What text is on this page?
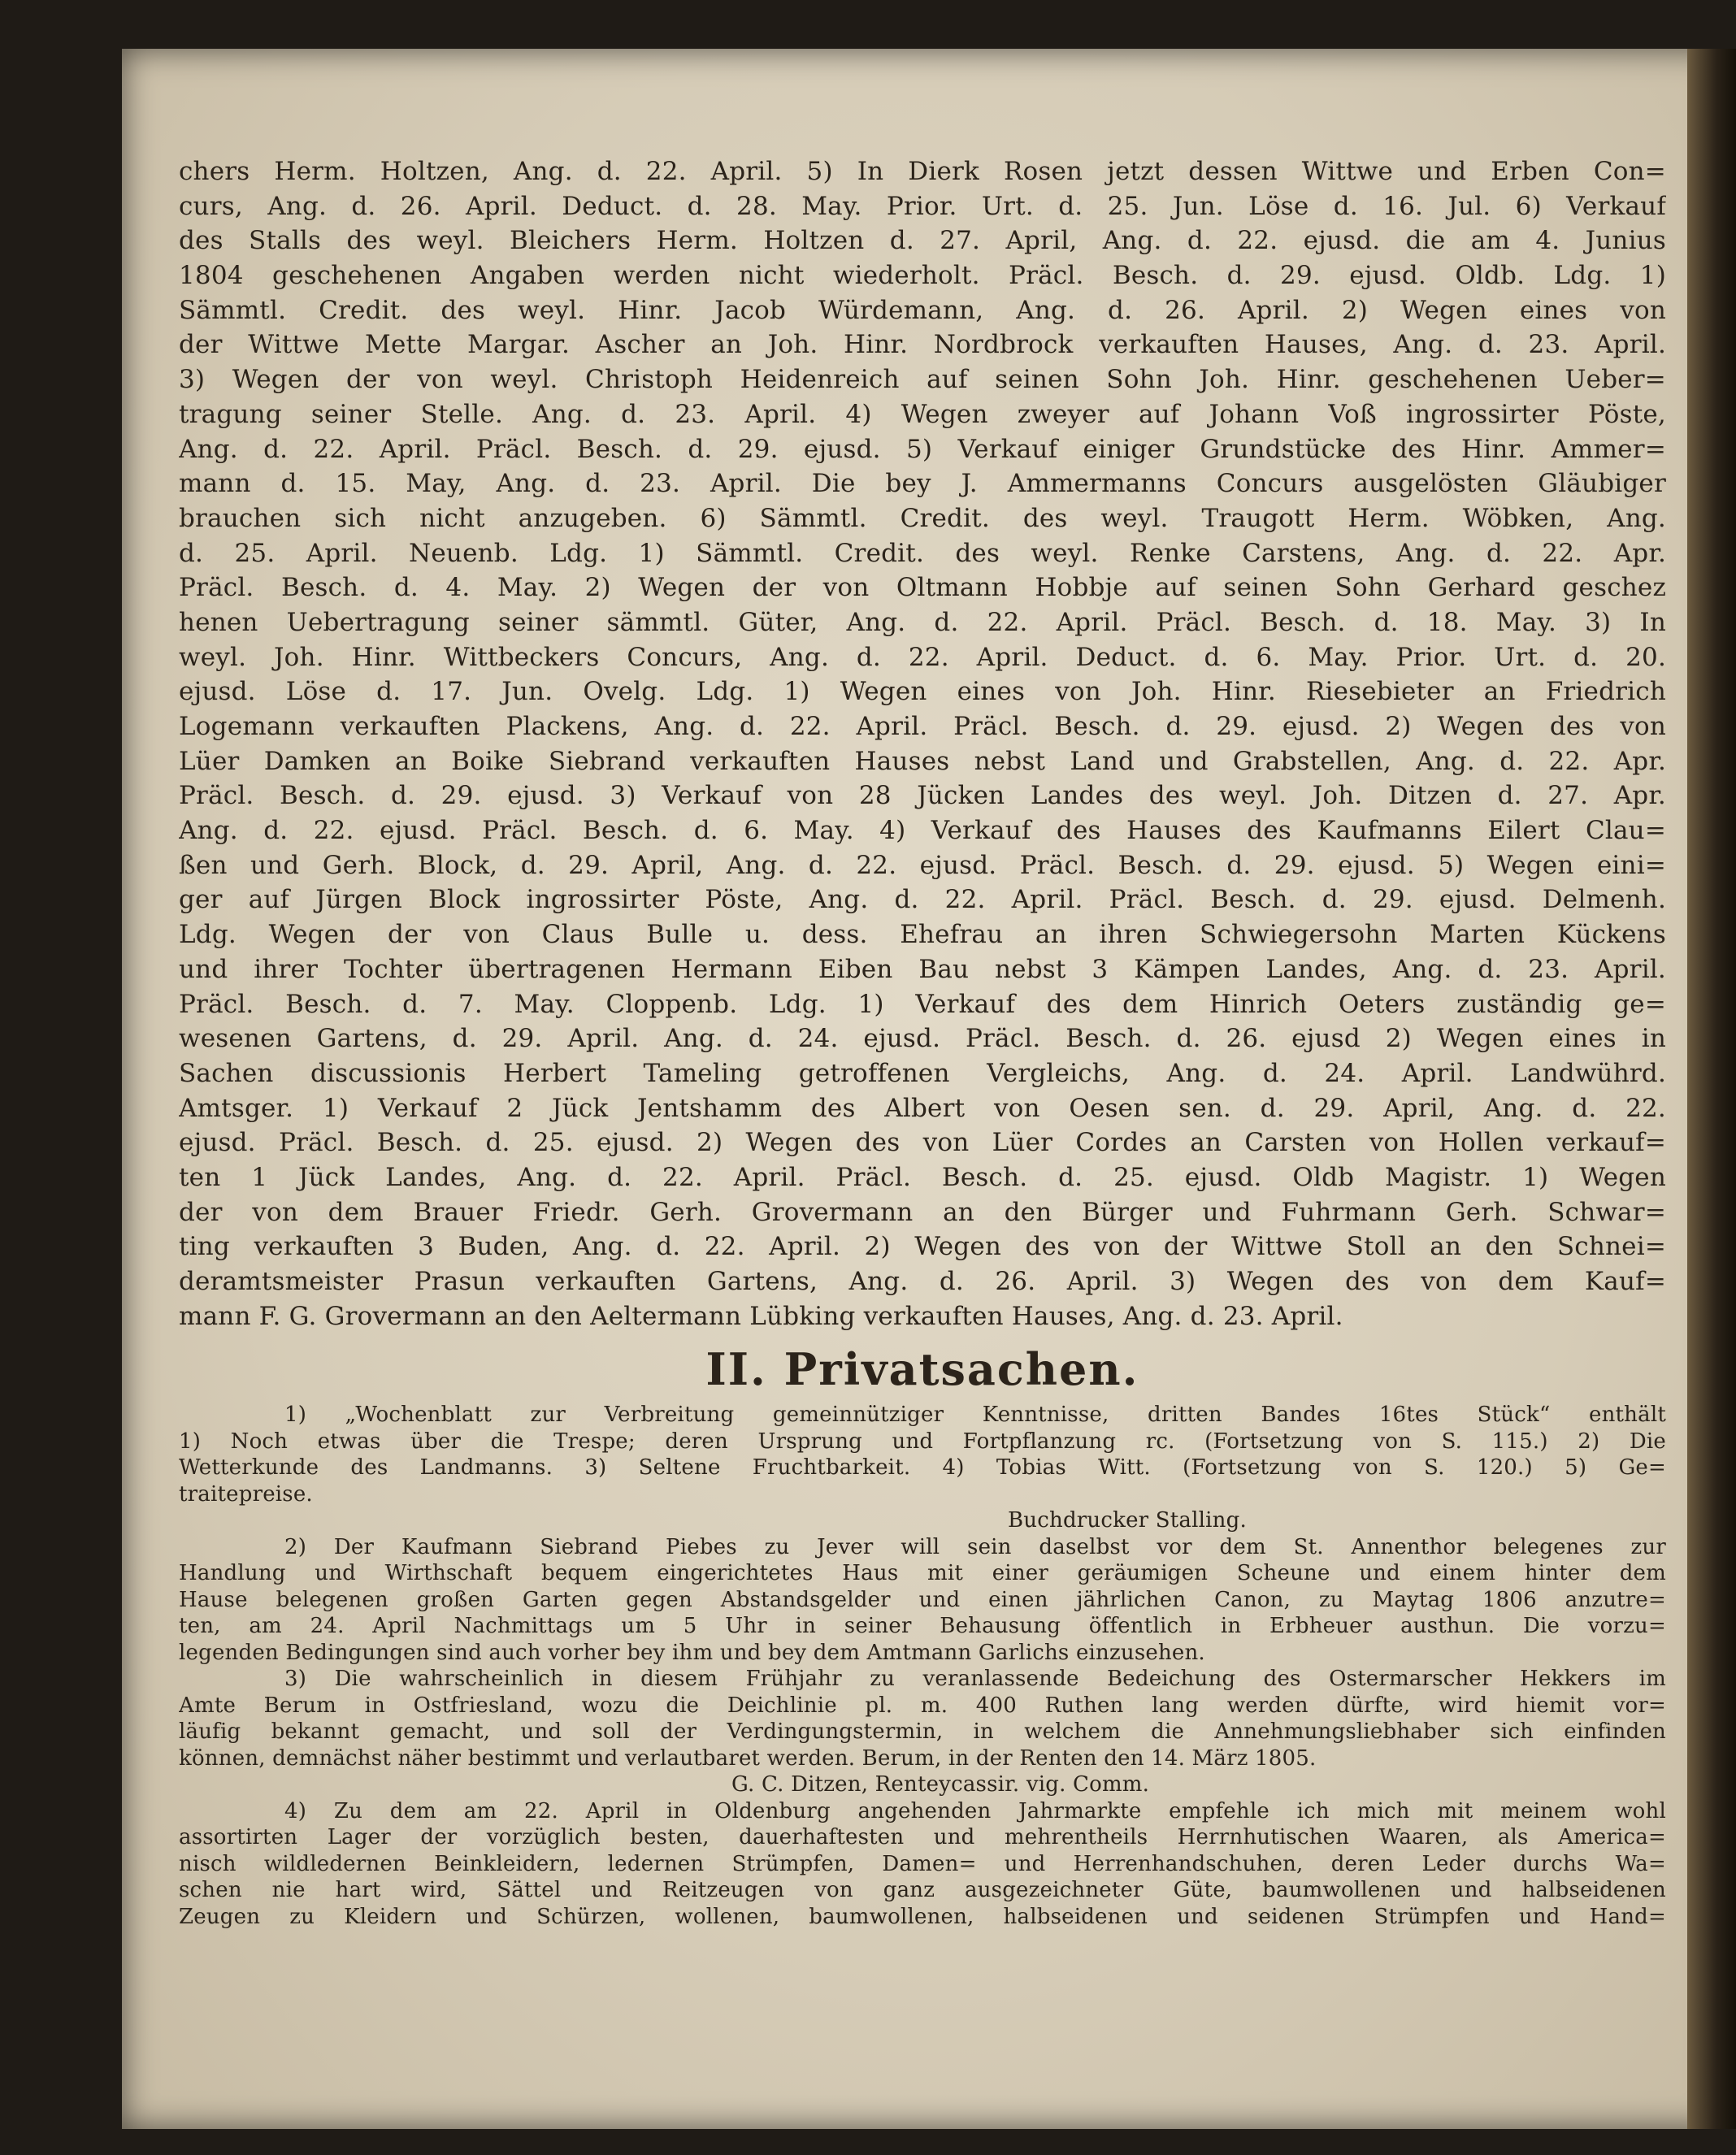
chers Herm. Holtzen, Ang. d. 22. April. 5) In Dierk Rosen jetzt dessen Wittwe und Erben Con=
curs, Ang. d. 26. April. Deduct. d. 28. May. Prior. Urt. d. 25. Jun. Löse d. 16. Jul. 6) Verkauf
des Stalls des weyl. Bleichers Herm. Holtzen d. 27. April, Ang. d. 22. ejusd. die am 4. Junius
1804 geschehenen Angaben werden nicht wiederholt. Präcl. Besch. d. 29. ejusd. Oldb. Ldg. 1)
Sämmtl. Credit. des weyl. Hinr. Jacob Würdemann, Ang. d. 26. April. 2) Wegen eines von
der Wittwe Mette Margar. Ascher an Joh. Hinr. Nordbrock verkauften Hauses, Ang. d. 23. April.
3) Wegen der von weyl. Christoph Heidenreich auf seinen Sohn Joh. Hinr. geschehenen Ueber=
tragung seiner Stelle. Ang. d. 23. April. 4) Wegen zweyer auf Johann Voß ingrossirter Pöste,
Ang. d. 22. April. Präcl. Besch. d. 29. ejusd. 5) Verkauf einiger Grundstücke des Hinr. Ammer=
mann d. 15. May, Ang. d. 23. April. Die bey J. Ammermanns Concurs ausgelösten Gläubiger
brauchen sich nicht anzugeben. 6) Sämmtl. Credit. des weyl. Traugott Herm. Wöbken, Ang.
d. 25. April. Neuenb. Ldg. 1) Sämmtl. Credit. des weyl. Renke Carstens, Ang. d. 22. Apr.
Präcl. Besch. d. 4. May. 2) Wegen der von Oltmann Hobbje auf seinen Sohn Gerhard geschez
henen Uebertragung seiner sämmtl. Güter, Ang. d. 22. April. Präcl. Besch. d. 18. May. 3) In
weyl. Joh. Hinr. Wittbeckers Concurs, Ang. d. 22. April. Deduct. d. 6. May. Prior. Urt. d. 20.
ejusd. Löse d. 17. Jun. Ovelg. Ldg. 1) Wegen eines von Joh. Hinr. Riesebieter an Friedrich
Logemann verkauften Plackens, Ang. d. 22. April. Präcl. Besch. d. 29. ejusd. 2) Wegen des von
Lüer Damken an Boike Siebrand verkauften Hauses nebst Land und Grabstellen, Ang. d. 22. Apr.
Präcl. Besch. d. 29. ejusd. 3) Verkauf von 28 Jücken Landes des weyl. Joh. Ditzen d. 27. Apr.
Ang. d. 22. ejusd. Präcl. Besch. d. 6. May. 4) Verkauf des Hauses des Kaufmanns Eilert Clau=
ßen und Gerh. Block, d. 29. April, Ang. d. 22. ejusd. Präcl. Besch. d. 29. ejusd. 5) Wegen eini=
ger auf Jürgen Block ingrossirter Pöste, Ang. d. 22. April. Präcl. Besch. d. 29. ejusd. Delmenh.
Ldg. Wegen der von Claus Bulle u. dess. Ehefrau an ihren Schwiegersohn Marten Kückens
und ihrer Tochter übertragenen Hermann Eiben Bau nebst 3 Kämpen Landes, Ang. d. 23. April.
Präcl. Besch. d. 7. May. Cloppenb. Ldg. 1) Verkauf des dem Hinrich Oeters zuständig ge=
wesenen Gartens, d. 29. April. Ang. d. 24. ejusd. Präcl. Besch. d. 26. ejusd 2) Wegen eines in
Sachen discussionis Herbert Tameling getroffenen Vergleichs, Ang. d. 24. April. Landwührd.
Amtsger. 1) Verkauf 2 Jück Jentshamm des Albert von Oesen sen. d. 29. April, Ang. d. 22.
ejusd. Präcl. Besch. d. 25. ejusd. 2) Wegen des von Lüer Cordes an Carsten von Hollen verkauf=
ten 1 Jück Landes, Ang. d. 22. April. Präcl. Besch. d. 25. ejusd. Oldb Magistr. 1) Wegen
der von dem Brauer Friedr. Gerh. Grovermann an den Bürger und Fuhrmann Gerh. Schwar=
ting verkauften 3 Buden, Ang. d. 22. April. 2) Wegen des von der Wittwe Stoll an den Schnei=
deramtsmeister Prasun verkauften Gartens, Ang. d. 26. April. 3) Wegen des von dem Kauf=
mann F. G. Grovermann an den Aeltermann Lübking verkauften Hauses, Ang. d. 23. April.
II. Privatsachen.
1) „Wochenblatt zur Verbreitung gemeinnütziger Kenntnisse, dritten Bandes 16tes Stück“ enthält
1) Noch etwas über die Trespe; deren Ursprung und Fortpflanzung rc. (Fortsetzung von S. 115.) 2) Die
Wetterkunde des Landmanns. 3) Seltene Fruchtbarkeit. 4) Tobias Witt. (Fortsetzung von S. 120.) 5) Ge=
traitepreise.
Buchdrucker Stalling.
2) Der Kaufmann Siebrand Piebes zu Jever will sein daselbst vor dem St. Annenthor belegenes zur
Handlung und Wirthschaft bequem eingerichtetes Haus mit einer geräumigen Scheune und einem hinter dem
Hause belegenen großen Garten gegen Abstandsgelder und einen jährlichen Canon, zu Maytag 1806 anzutre=
ten, am 24. April Nachmittags um 5 Uhr in seiner Behausung öffentlich in Erbheuer austhun. Die vorzu=
legenden Bedingungen sind auch vorher bey ihm und bey dem Amtmann Garlichs einzusehen.
3) Die wahrscheinlich in diesem Frühjahr zu veranlassende Bedeichung des Ostermarscher Hekkers im
Amte Berum in Ostfriesland, wozu die Deichlinie pl. m. 400 Ruthen lang werden dürfte, wird hiemit vor=
läufig bekannt gemacht, und soll der Verdingungstermin, in welchem die Annehmungsliebhaber sich einfinden
können, demnächst näher bestimmt und verlautbaret werden. Berum, in der Renten den 14. März 1805.
G. C. Ditzen, Renteycassir. vig. Comm.
4) Zu dem am 22. April in Oldenburg angehenden Jahrmarkte empfehle ich mich mit meinem wohl
assortirten Lager der vorzüglich besten, dauerhaftesten und mehrentheils Herrnhutischen Waaren, als America=
nisch wildledernen Beinkleidern, ledernen Strümpfen, Damen= und Herrenhandschuhen, deren Leder durchs Wa=
schen nie hart wird, Sättel und Reitzeugen von ganz ausgezeichneter Güte, baumwollenen und halbseidenen
Zeugen zu Kleidern und Schürzen, wollenen, baumwollenen, halbseidenen und seidenen Strümpfen und Hand=
